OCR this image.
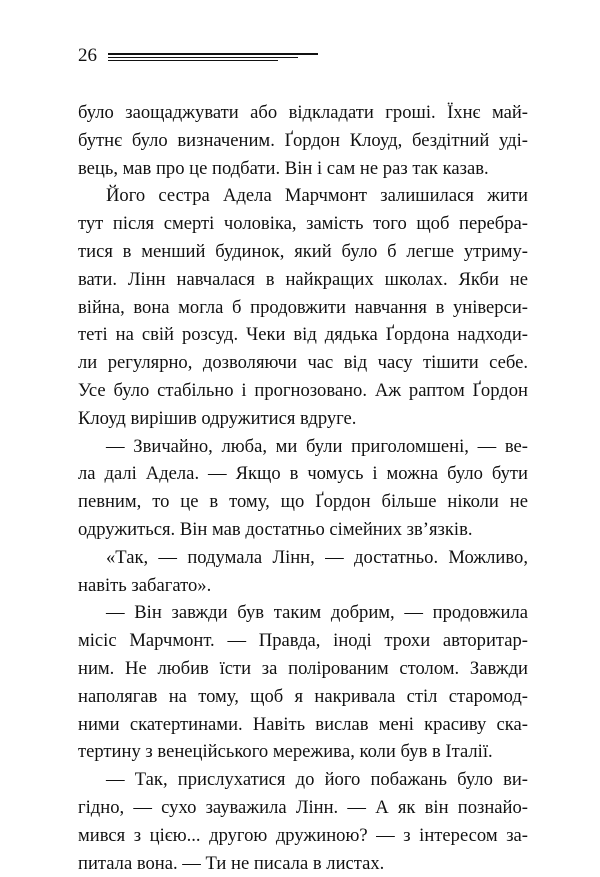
26
було заощаджувати або відкладати гроші. Їхнє май-
бутнє було визначеним. Ґордон Клоуд, бездітний уді-
вець, мав про це подбати. Він і сам не раз так казав.
Його сестра Адела Марчмонт залишилася жити
тут після смерті чоловіка, замість того щоб перебра-
тися в менший будинок, який було б легше утриму-
вати. Лінн навчалася в найкращих школах. Якби не
війна, вона могла б продовжити навчання в універси-
теті на свій розсуд. Чеки від дядька Ґордона надходи-
ли регулярно, дозволяючи час від часу тішити себе.
Усе було стабільно і прогнозовано. Аж раптом Ґордон
Клоуд вирішив одружитися вдруге.
— Звичайно, люба, ми були приголомшені, — ве-
ла далі Адела. — Якщо в чомусь і можна було бути
певним, то це в тому, що Ґордон більше ніколи не
одружиться. Він мав достатньо сімейних зв’язків.
«Так, — подумала Лінн, — достатньо. Можливо,
навіть забагато».
— Він завжди був таким добрим, — продовжила
місіс Марчмонт. — Правда, іноді трохи авторитар-
ним. Не любив їсти за полірованим столом. Завжди
наполягав на тому, щоб я накривала стіл старомод-
ними скатертинами. Навіть вислав мені красиву ска-
тертину з венеційського мереживa, коли був в Італії.
— Так, прислухатися до його побажань було ви-
гідно, — сухо зауважила Лінн. — А як він познайо-
мився з цією... другою дружиною? — з інтересом за-
питала вона. — Ти не писала в листах.
